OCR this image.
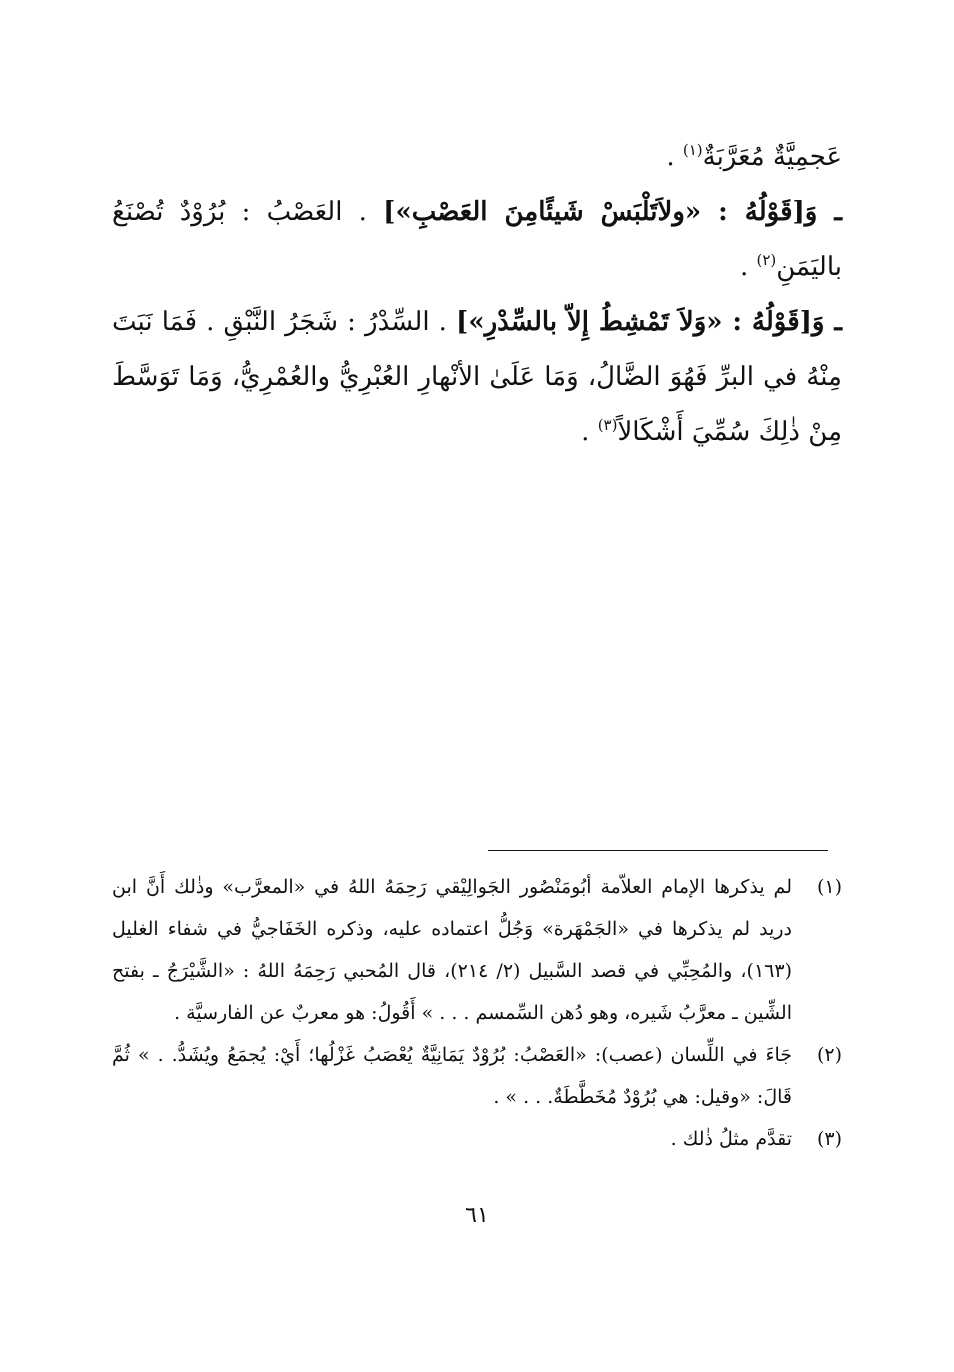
عَجمِيَّةٌ مُعَرَّبَةٌ$^{(١)}$ .

ـ وَ[قَوْلُهُ : «ولاَتَلْبَسْ شَيئًامِنَ العَصْبِ»] . العَصْبُ : بُرُوْدٌ تُصْنَعُ باليَمَنِ$^{(٢)}$ .

ـ وَ[قَوْلُهُ : «وَلاَ تَمْشِطُ إِلاّ بالسِّدْرِ»] . السِّدْرُ : شَجَرُ النَّبْقِ . فَمَا نَبَتَ مِنْهُ في البرِّ فَهُوَ الضَّالُ، وَمَا عَلَىٰ الأنْهارِ العُبْرِيُّ والعُمْرِيُّ، وَمَا تَوَسَّطَ مِنْ ذٰلِكَ سُمِّيَ أَشْكَالاً$^{(٣)}$ .

(١)
لم يذكرها الإمام العلاّمة أبُومَنْصُور الجَوالِيْقي رَحِمَهُ اللهُ في «المعرَّب» وذٰلك أَنَّ ابن دريد لم يذكرها في «الجَمْهَرة» وَجُلُّ اعتماده عليه، وذكره الخَفَاجيُّ في شفاء الغليل (١٦٣)، والمُحِبِّي في قصد السَّبيل (٢/ ٢١٤)، قال المُحبي رَحِمَهُ اللهُ : «الشَّيْرَجُ ـ بفتح الشِّين ـ معرَّبُ شَيره، وهو دُهن السِّمسم . . . » أَقُولُ: هو معربٌ عن الفارسيَّة .
(٢)
جَاءَ في اللِّسان (عصب): «العَصْبُ: بُرُوْدٌ يَمَانِيَّةٌ يُعْصَبُ غَزْلُها؛ أَيْ: يُجمَعُ ويُشَدُّ. . » ثُمَّ قَالَ: «وقيل: هي بُرُوْدٌ مُخَطَّطَةٌ. . . » .
(٣)
تقدَّم مثلُ ذٰلك .
٦١
